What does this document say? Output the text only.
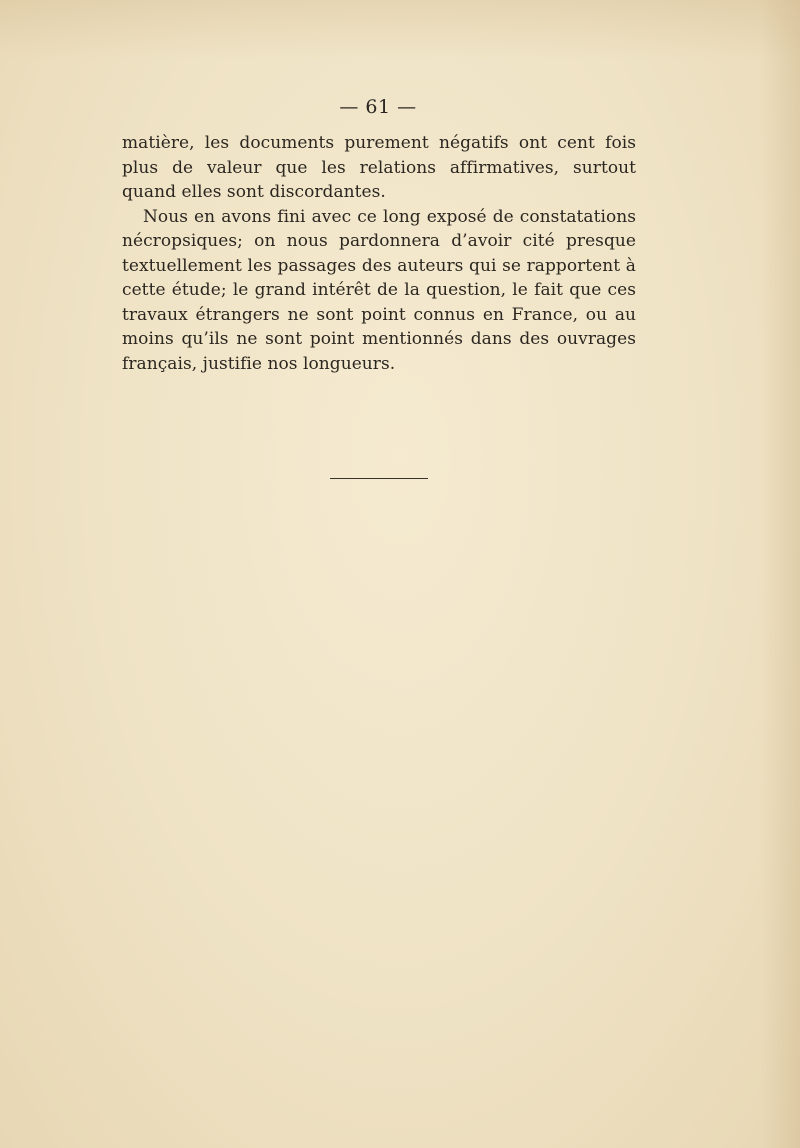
— 61 —

matière, les documents purement négatifs ont cent fois plus de valeur que les relations affirmatives, surtout quand elles sont discordantes.

Nous en avons fini avec ce long exposé de constatations nécropsiques; on nous pardonnera d’avoir cité presque textuellement les passages des auteurs qui se rapportent à cette étude; le grand intérêt de la question, le fait que ces travaux étrangers ne sont point connus en France, ou au moins qu’ils ne sont point mentionnés dans des ouvrages français, justifie nos longueurs.
